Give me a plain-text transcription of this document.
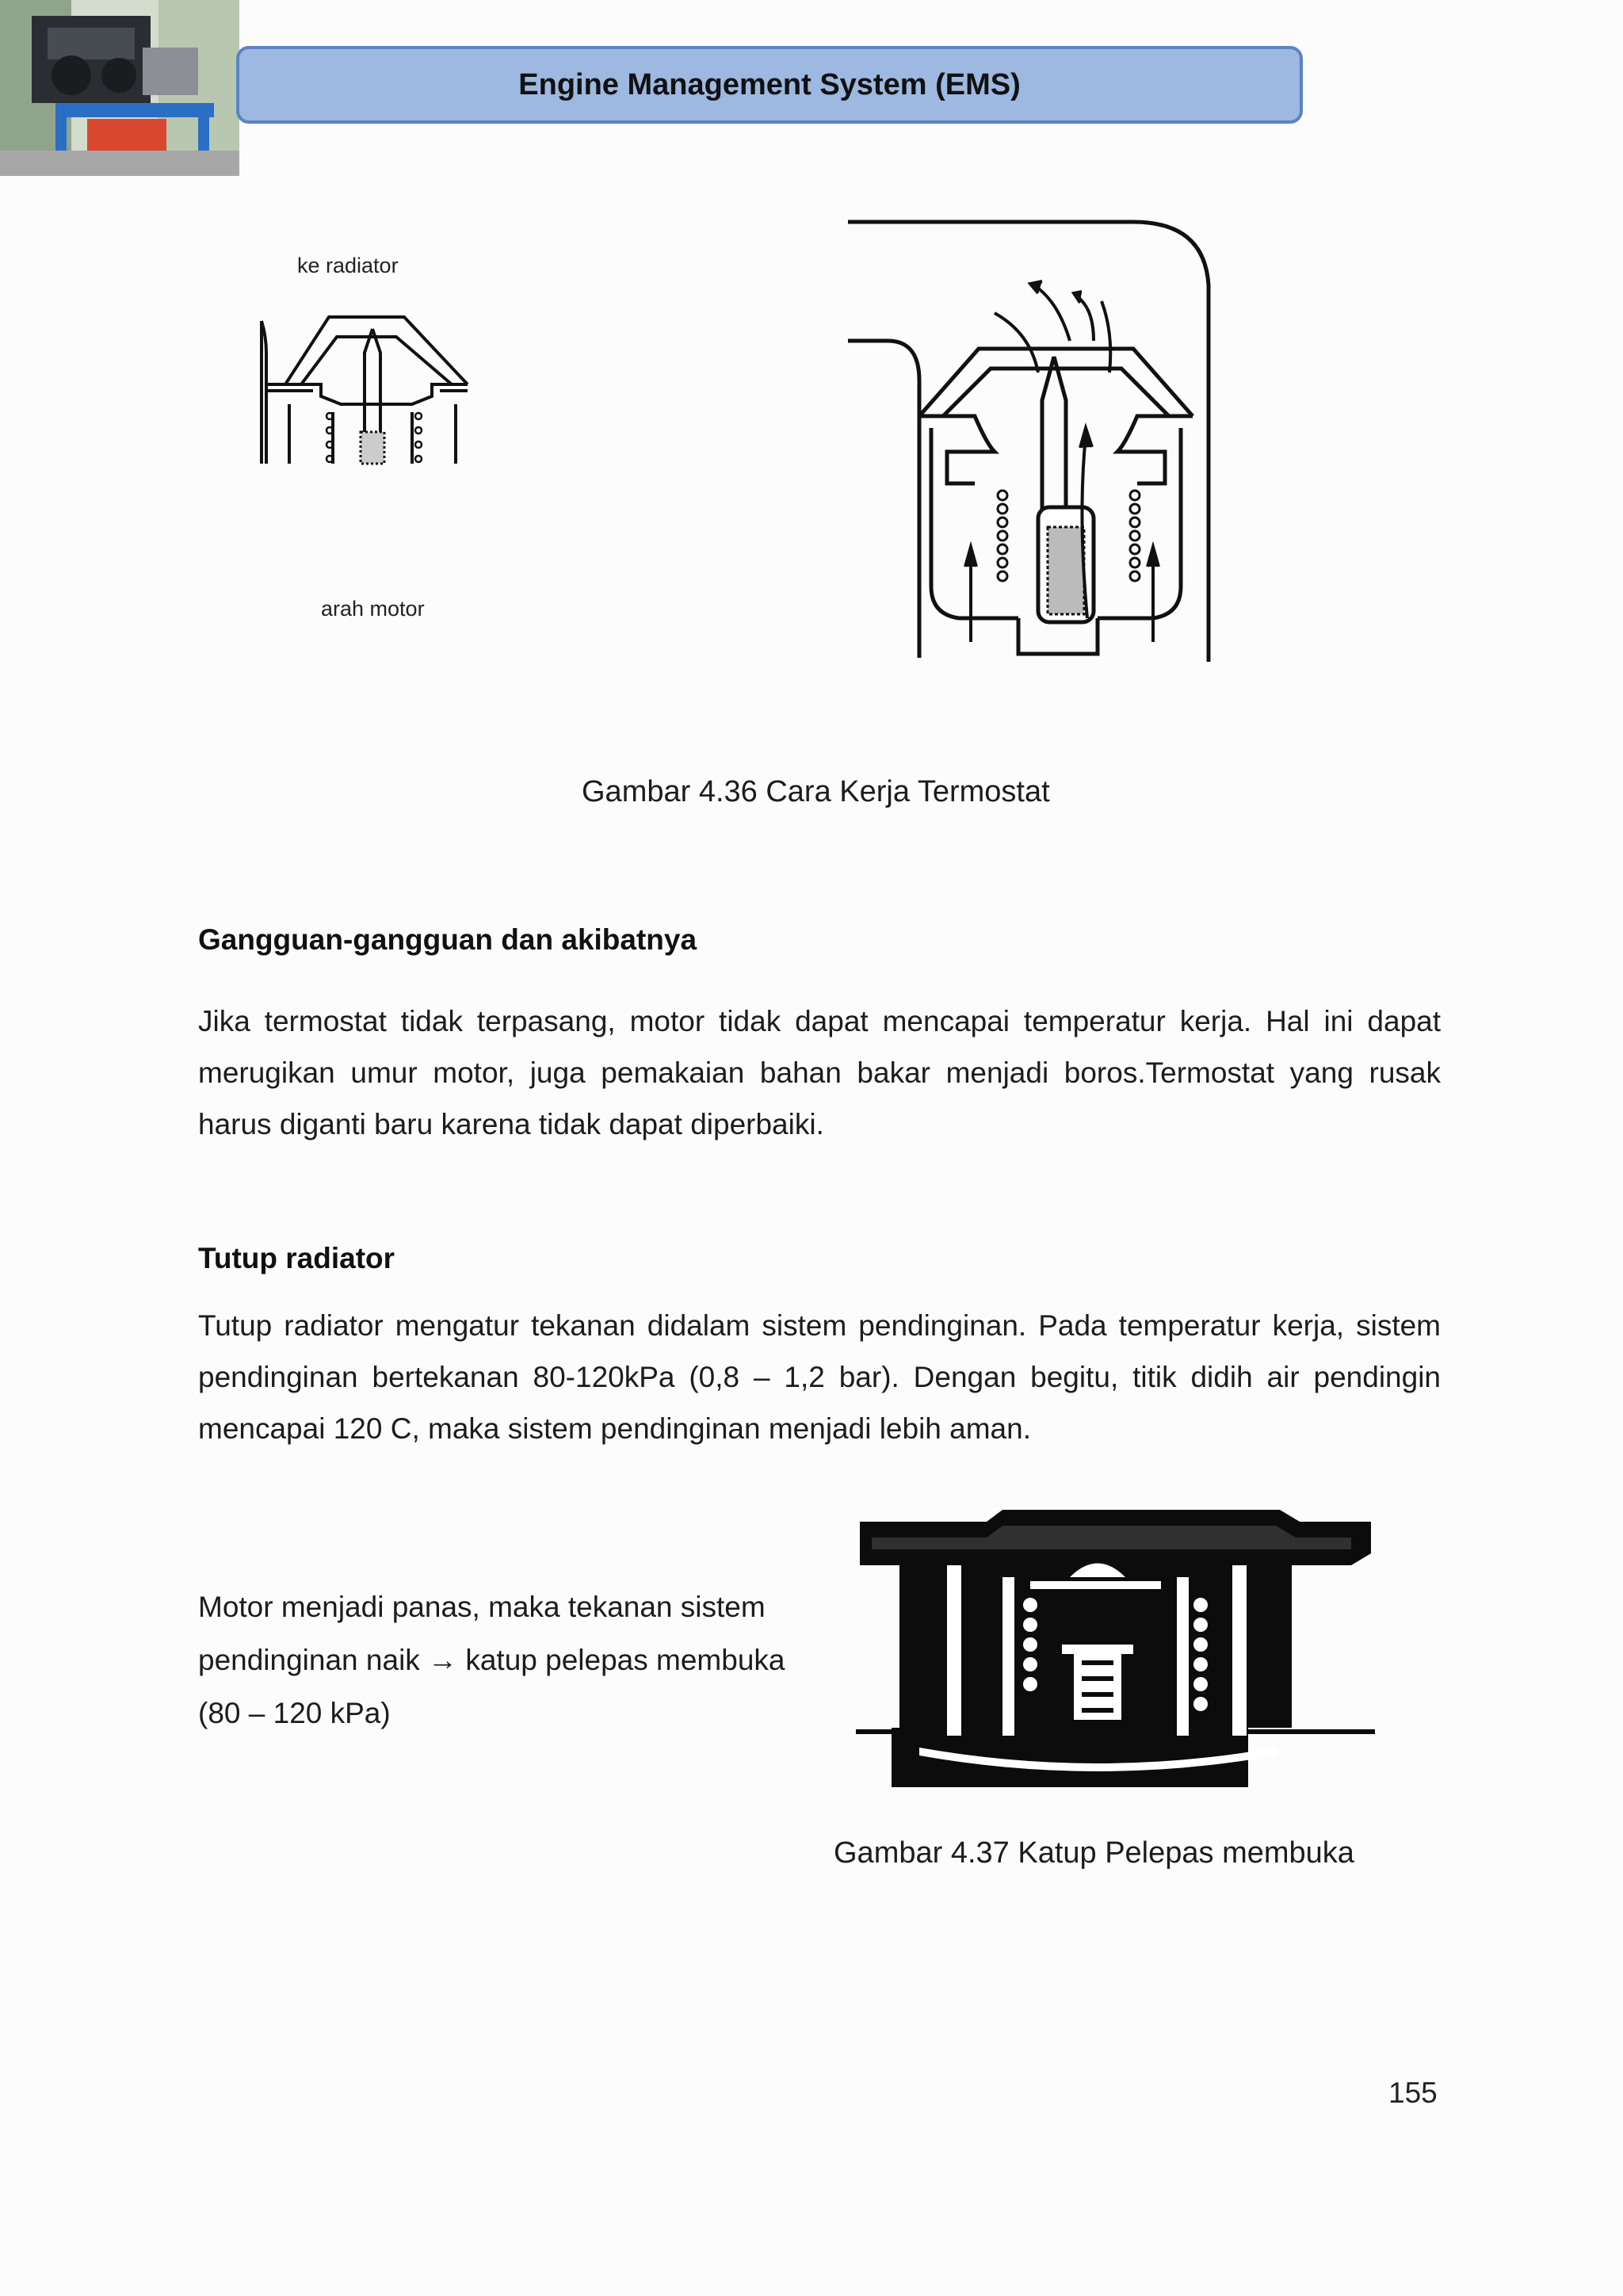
Engine Management System (EMS)
ke radiator
arah motor
Gambar 4.36 Cara Kerja Termostat
Gangguan-gangguan dan akibatnya
Jika termostat tidak terpasang, motor tidak dapat mencapai temperatur kerja. Hal ini dapat merugikan umur motor, juga pemakaian bahan bakar menjadi boros.Termostat yang rusak harus diganti baru karena tidak dapat diperbaiki.
Tutup radiator
Tutup radiator mengatur tekanan didalam sistem pendinginan. Pada temperatur kerja, sistem pendinginan bertekanan 80-120kPa (0,8 – 1,2 bar). Dengan begitu, titik didih air pendingin mencapai 120 C, maka sistem pendinginan menjadi lebih aman.
Motor menjadi panas, maka tekanan sistem
pendinginan naik → katup pelepas membuka
(80 – 120 kPa)
Gambar 4.37 Katup Pelepas membuka
155
